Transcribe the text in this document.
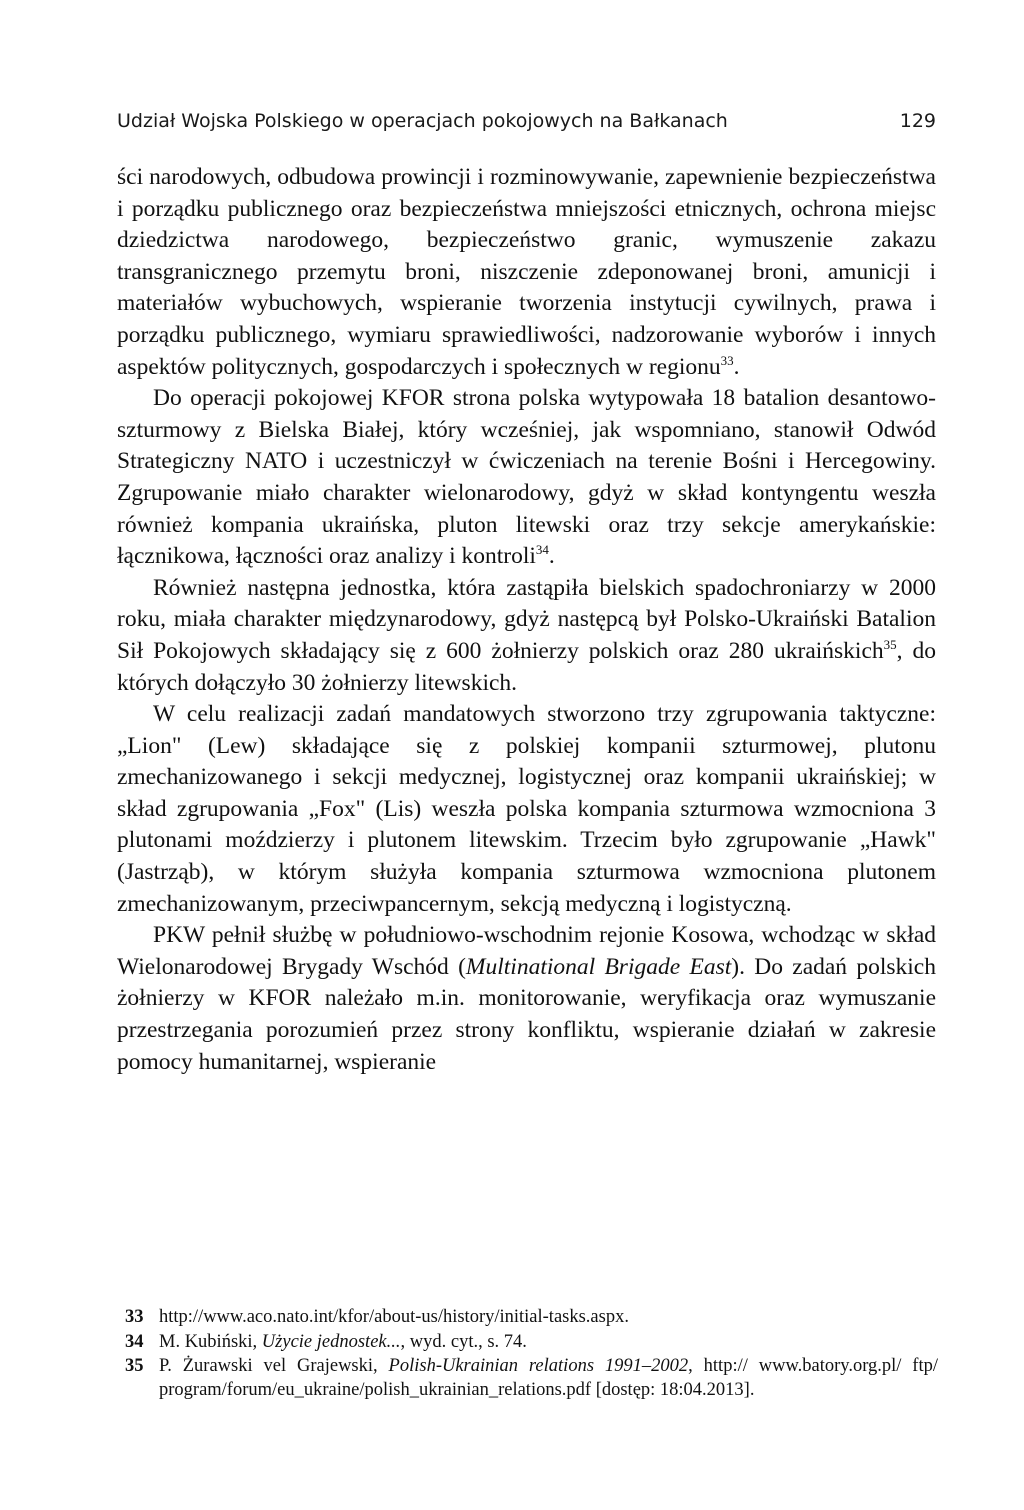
Udział Wojska Polskiego w operacjach pokojowych na Bałkanach	129

ści narodowych, odbudowa prowincji i rozminowywanie, zapewnienie bezpieczeństwa i porządku publicznego oraz bezpieczeństwa mniejszości etnicznych, ochrona miejsc dziedzictwa narodowego, bezpieczeństwo granic, wymuszenie zakazu transgranicznego przemytu broni, niszczenie zdeponowanej broni, amunicji i materiałów wybuchowych, wspieranie tworzenia instytucji cywilnych, prawa i porządku publicznego, wymiaru sprawiedliwości, nadzorowanie wyborów i innych aspektów politycznych, gospodarczych i społecznych w regionu$^{33}$.

Do operacji pokojowej KFOR strona polska wytypowała 18 batalion desantowo-szturmowy z Bielska Białej, który wcześniej, jak wspomniano, stanowił Odwód Strategiczny NATO i uczestniczył w ćwiczeniach na terenie Bośni i Hercegowiny. Zgrupowanie miało charakter wielonarodowy, gdyż w skład kontyngentu weszła również kompania ukraińska, pluton litewski oraz trzy sekcje amerykańskie: łącznikowa, łączności oraz analizy i kontroli$^{34}$.

Również następna jednostka, która zastąpiła bielskich spadochroniarzy w 2000 roku, miała charakter międzynarodowy, gdyż następcą był Polsko-Ukraiński Batalion Sił Pokojowych składający się z 600 żołnierzy polskich oraz 280 ukraińskich$^{35}$, do których dołączyło 30 żołnierzy litewskich.

W celu realizacji zadań mandatowych stworzono trzy zgrupowania taktyczne: „Lion" (Lew) składające się z polskiej kompanii szturmowej, plutonu zmechanizowanego i sekcji medycznej, logistycznej oraz kompanii ukraińskiej; w skład zgrupowania „Fox" (Lis) weszła polska kompania szturmowa wzmocniona 3 plutonami moździerzy i plutonem litewskim. Trzecim było zgrupowanie „Hawk" (Jastrząb), w którym służyła kompania szturmowa wzmocniona plutonem zmechanizowanym, przeciwpancernym, sekcją medyczną i logistyczną.

PKW pełnił służbę w południowo-wschodnim rejonie Kosowa, wchodząc w skład Wielonarodowej Brygady Wschód (Multinational Brigade East). Do zadań polskich żołnierzy w KFOR należało m.in. monitorowanie, weryfikacja oraz wymuszanie przestrzegania porozumień przez strony konfliktu, wspieranie działań w zakresie pomocy humanitarnej, wspieranie

33 http://www.aco.nato.int/kfor/about-us/history/initial-tasks.aspx.
34 M. Kubiński, Użycie jednostek..., wyd. cyt., s. 74.
35 P. Żurawski vel Grajewski, Polish-Ukrainian relations 1991–2002, http:// www.batory.org.pl/ ftp/ program/forum/eu_ukraine/polish_ukrainian_relations.pdf [dostęp: 18:04.2013].
